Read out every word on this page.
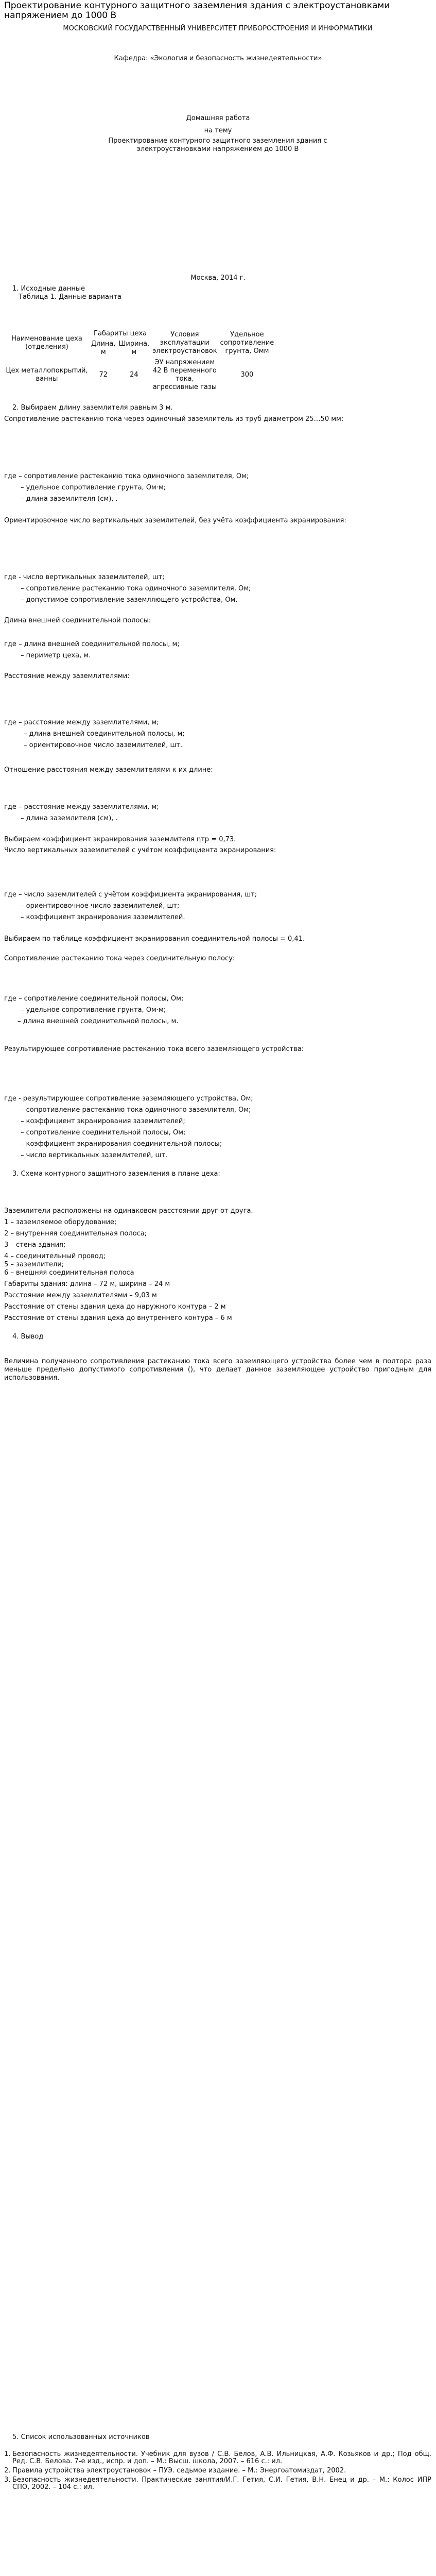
Проектирование контурного защитного заземления здания с электроустановками напряжением до 1000 В
МОСКОВСКИЙ ГОСУДАРСТВЕННЫЙ УНИВЕРСИТЕТ ПРИБОРОСТРОЕНИЯ И ИНФОРМАТИКИ
Кафедра: «Экология и безопасность жизнедеятельности»
Домашняя работа
на тему
Проектирование контурного защитного заземления здания с электроустановками напряжением до 1000 В
Москва, 2014 г.
1. Исходные данные
Таблица 1. Данные варианта
Наименование цеха (отделения)	Габариты цеха		Условия эксплуатации электроустановок	Удельное сопротивление грунта, Омм
	Длина, м	Ширина, м		
Цех металлопокрытий, ванны	72	24	ЭУ напряжением 42 В переменного тока, агрессивные газы	300
2. Выбираем длину заземлителя равным 3 м.
Сопротивление растеканию тока через одиночный заземлитель из труб диаметром 25…50 мм:
где – сопротивление растеканию тока одиночного заземлителя, Ом;
– удельное сопротивление грунта, Ом·м;
– длина заземлителя (см), .
Ориентировочное число вертикальных заземлителей, без учёта коэффициента экранирования:
где - число вертикальных заземлителей, шт;
– сопротивление растеканию тока одиночного заземлителя, Ом;
– допустимое сопротивление заземляющего устройства, Ом.
Длина внешней соединительной полосы:
где – длина внешней соединительной полосы, м;
– периметр цеха, м.
Расстояние между заземлителями:
где – расстояние между заземлителями, м;
– длина внешней соединительной полосы, м;
– ориентировочное число заземлителей, шт.
Отношение расстояния между заземлителями к их длине:
где – расстояние между заземлителями, м;
– длина заземлителя (см), .
Выбираем коэффициент экранирования заземлителя ηтр = 0,73.
Число вертикальных заземлителей с учётом коэффициента экранирования:
где – число заземлителей с учётом коэффициента экранирования, шт;
– ориентировочное число заземлителей, шт;
– коэффициент экранирования заземлителей.
Выбираем по таблице коэффициент экранирования соединительной полосы = 0,41.
Сопротивление растеканию тока через соединительную полосу:
где – сопротивление соединительной полосы, Ом;
– удельное сопротивление грунта, Ом·м;
– длина внешней соединительной полосы, м.
Результирующее сопротивление растеканию тока всего заземляющего устройства:
где - результирующее сопротивление заземляющего устройства, Ом;
– сопротивление растеканию тока одиночного заземлителя, Ом;
– коэффициент экранирования заземлителей;
– сопротивление соединительной полосы, Ом;
– коэффициент экранирования соединительной полосы;
– число вертикальных заземлителей, шт.
3. Схема контурного защитного заземления в плане цеха:
Заземлители расположены на одинаковом расстоянии друг от друга.
1 – заземляемое оборудование;
2 – внутренняя соединительная полоса;
3 – стена здания;
4 – соединительный провод;
5 – заземлители;
6 – внешняя соединительная полоса
Габариты здания: длина – 72 м, ширина – 24 м
Расстояние между заземлителями – 9,03 м
Расстояние от стены здания цеха до наружного контура – 2 м
Расстояние от стены здания цеха до внутреннего контура – 6 м
4. Вывод
Величина полученного сопротивления растеканию тока всего заземляющего устройства более чем в полтора раза меньше предельно допустимого сопротивления (), что делает данное заземляющее устройство пригодным для использования.
5. Список использованных источников
1. Безопасность жизнедеятельности. Учебник для вузов / С.В. Белов, А.В. Ильницкая, А.Ф. Козьяков и др.; Под общ. Ред. С.В. Белова. 7-е изд., испр. и доп. – М.: Высш. школа, 2007. – 616 с.: ил.
2. Правила устройства электроустановок – ПУЭ. седьмое издание. – М.: Энергоатомиздат, 2002.
3. Безопасность жизнедеятельности. Практические занятия/И.Г. Гетия, С.И. Гетия, В.Н. Енец и др. – М.: Колос ИПР СПО, 2002. – 104 с.: ил.
